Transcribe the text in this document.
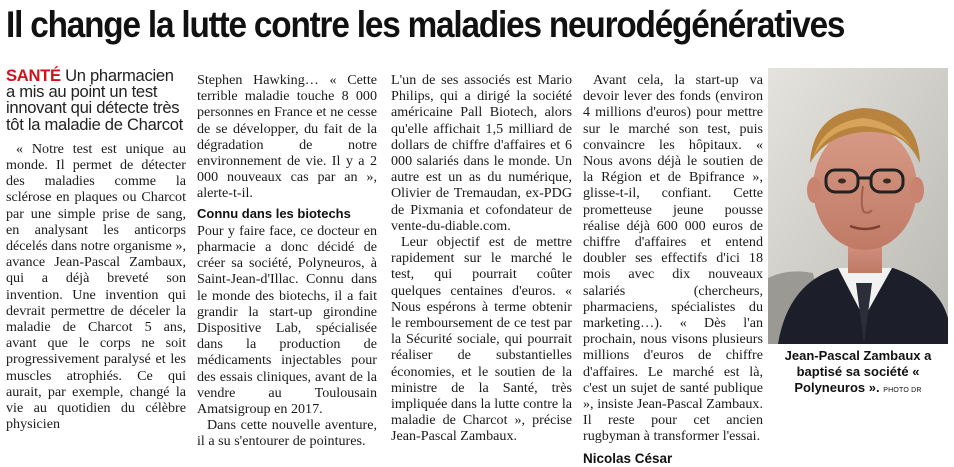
Il change la lutte contre les maladies neurodégénératives
SANTÉ Un pharmacien a mis au point un test innovant qui détecte très tôt la maladie de Charcot

« Notre test est unique au monde. Il permet de détecter des maladies comme la sclérose en plaques ou Charcot par une simple prise de sang, en analysant les anticorps décelés dans notre organisme », avance Jean-Pascal Zambaux, qui a déjà breveté son invention. Une invention qui devrait permettre de déceler la maladie de Charcot 5 ans, avant que le corps ne soit progressivement paralysé et les muscles atrophiés. Ce qui aurait, par exemple, changé la vie au quotidien du célèbre physicien

Stephen Hawking… « Cette terrible maladie touche 8 000 personnes en France et ne cesse de se développer, du fait de la dégradation de notre environnement de vie. Il y a 2 000 nouveaux cas par an », alerte-t-il.

Connu dans les biotechs

Pour y faire face, ce docteur en pharmacie a donc décidé de créer sa société, Polyneuros, à Saint-Jean-d'Illac. Connu dans le monde des biotechs, il a fait grandir la start-up girondine Dispositive Lab, spécialisée dans la production de médicaments injectables pour des essais cliniques, avant de la vendre au Toulousain Amatsigroup en 2017.

Dans cette nouvelle aventure, il a su s'entourer de pointures.

L'un de ses associés est Mario Philips, qui a dirigé la société américaine Pall Biotech, alors qu'elle affichait 1,5 milliard de dollars de chiffre d'affaires et 6 000 salariés dans le monde. Un autre est un as du numérique, Olivier de Tremaudan, ex-PDG de Pixmania et cofondateur de vente-du-diable.com.

Leur objectif est de mettre rapidement sur le marché le test, qui pourrait coûter quelques centaines d'euros. « Nous espérons à terme obtenir le remboursement de ce test par la Sécurité sociale, qui pourrait réaliser de substantielles économies, et le soutien de la ministre de la Santé, très impliquée dans la lutte contre la maladie de Charcot », précise Jean-Pascal Zambaux.

Avant cela, la start-up va devoir lever des fonds (environ 4 millions d'euros) pour mettre sur le marché son test, puis convaincre les hôpitaux. « Nous avons déjà le soutien de la Région et de Bpifrance », glisse-t-il, confiant. Cette prometteuse jeune pousse réalise déjà 600 000 euros de chiffre d'affaires et entend doubler ses effectifs d'ici 18 mois avec dix nouveaux salariés (chercheurs, pharmaciens, spécialistes du marketing…). « Dès l'an prochain, nous visons plusieurs millions d'euros de chiffre d'affaires. Le marché est là, c'est un sujet de santé publique », insiste Jean-Pascal Zambaux. Il reste pour cet ancien rugbyman à transformer l'essai.

Nicolas César
Jean-Pascal Zambaux a baptisé sa société « Polyneuros ». PHOTO DR
